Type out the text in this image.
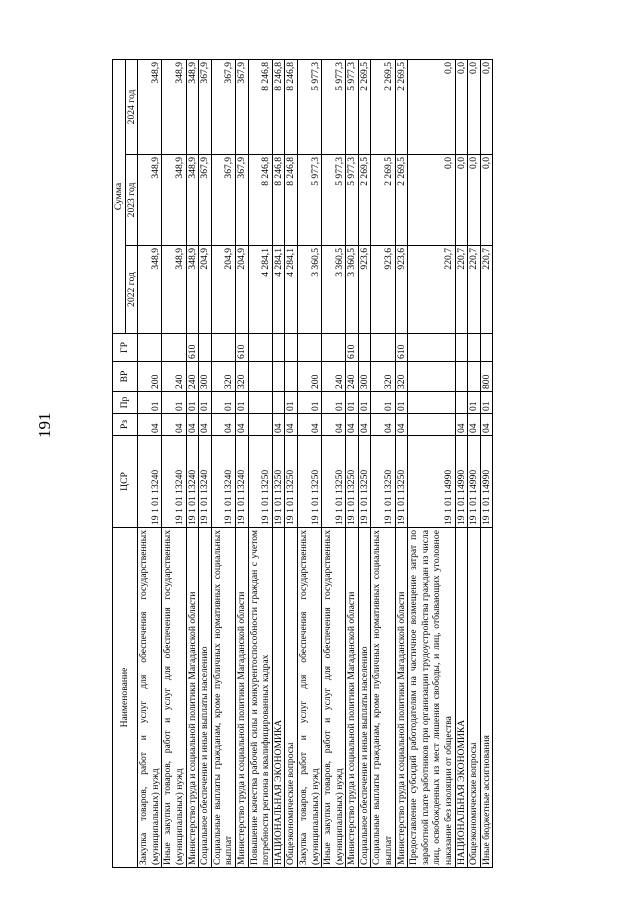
191
Наименование	ЦСР	Рз	Пр	ВР	ГР	Сумма		
						2022 год	2023 год	2024 год
Закупка товаров, работ и услуг для обеспечения государственных (муниципальных) нужд	19 1 01 13240	04	01	200		348,9	348,9	348,9
Иные закупки товаров, работ и услуг для обеспечения государственных (муниципальных) нужд	19 1 01 13240	04	01	240		348,9	348,9	348,9
Министерство труда и социальной политики Магаданской области	19 1 01 13240	04	01	240	610	348,9	348,9	348,9
Социальное обеспечение и иные выплаты населению	19 1 01 13240	04	01	300		204,9	367,9	367,9
Социальные выплаты гражданам, кроме публичных нормативных социальных выплат	19 1 01 13240	04	01	320		204,9	367,9	367,9
Министерство труда и социальной политики Магаданской области	19 1 01 13240	04	01	320	610	204,9	367,9	367,9
Повышение качества рабочей силы и конкурентоспособности граждан с учетом потребности региона в квалифицированных кадрах	19 1 01 13250					4 284,1	8 246,8	8 246,8
НАЦИОНАЛЬНАЯ ЭКОНОМИКА	19 1 01 13250	04				4 284,1	8 246,8	8 246,8
Общеэкономические вопросы	19 1 01 13250	04	01			4 284,1	8 246,8	8 246,8
Закупка товаров, работ и услуг для обеспечения государственных (муниципальных) нужд	19 1 01 13250	04	01	200		3 360,5	5 977,3	5 977,3
Иные закупки товаров, работ и услуг для обеспечения государственных (муниципальных) нужд	19 1 01 13250	04	01	240		3 360,5	5 977,3	5 977,3
Министерство труда и социальной политики Магаданской области	19 1 01 13250	04	01	240	610	3 360,5	5 977,3	5 977,3
Социальное обеспечение и иные выплаты населению	19 1 01 13250	04	01	300		923,6	2 269,5	2 269,5
Социальные выплаты гражданам, кроме публичных нормативных социальных выплат	19 1 01 13250	04	01	320		923,6	2 269,5	2 269,5
Министерство труда и социальной политики Магаданской области	19 1 01 13250	04	01	320	610	923,6	2 269,5	2 269,5
Предоставление субсидий работодателям на частичное возмещение затрат по заработной плате работников при организации трудоустройства граждан из числа лиц, освобожденных из мест лишения свободы, и лиц, отбывающих уголовное наказание без изоляции от общества	19 1 01 14990					220,7	0,0	0,0
НАЦИОНАЛЬНАЯ ЭКОНОМИКА	19 1 01 14990	04				220,7	0,0	0,0
Общеэкономические вопросы	19 1 01 14990	04	01			220,7	0,0	0,0
Иные бюджетные ассигнования	19 1 01 14990	04	01	800		220,7	0,0	0,0
